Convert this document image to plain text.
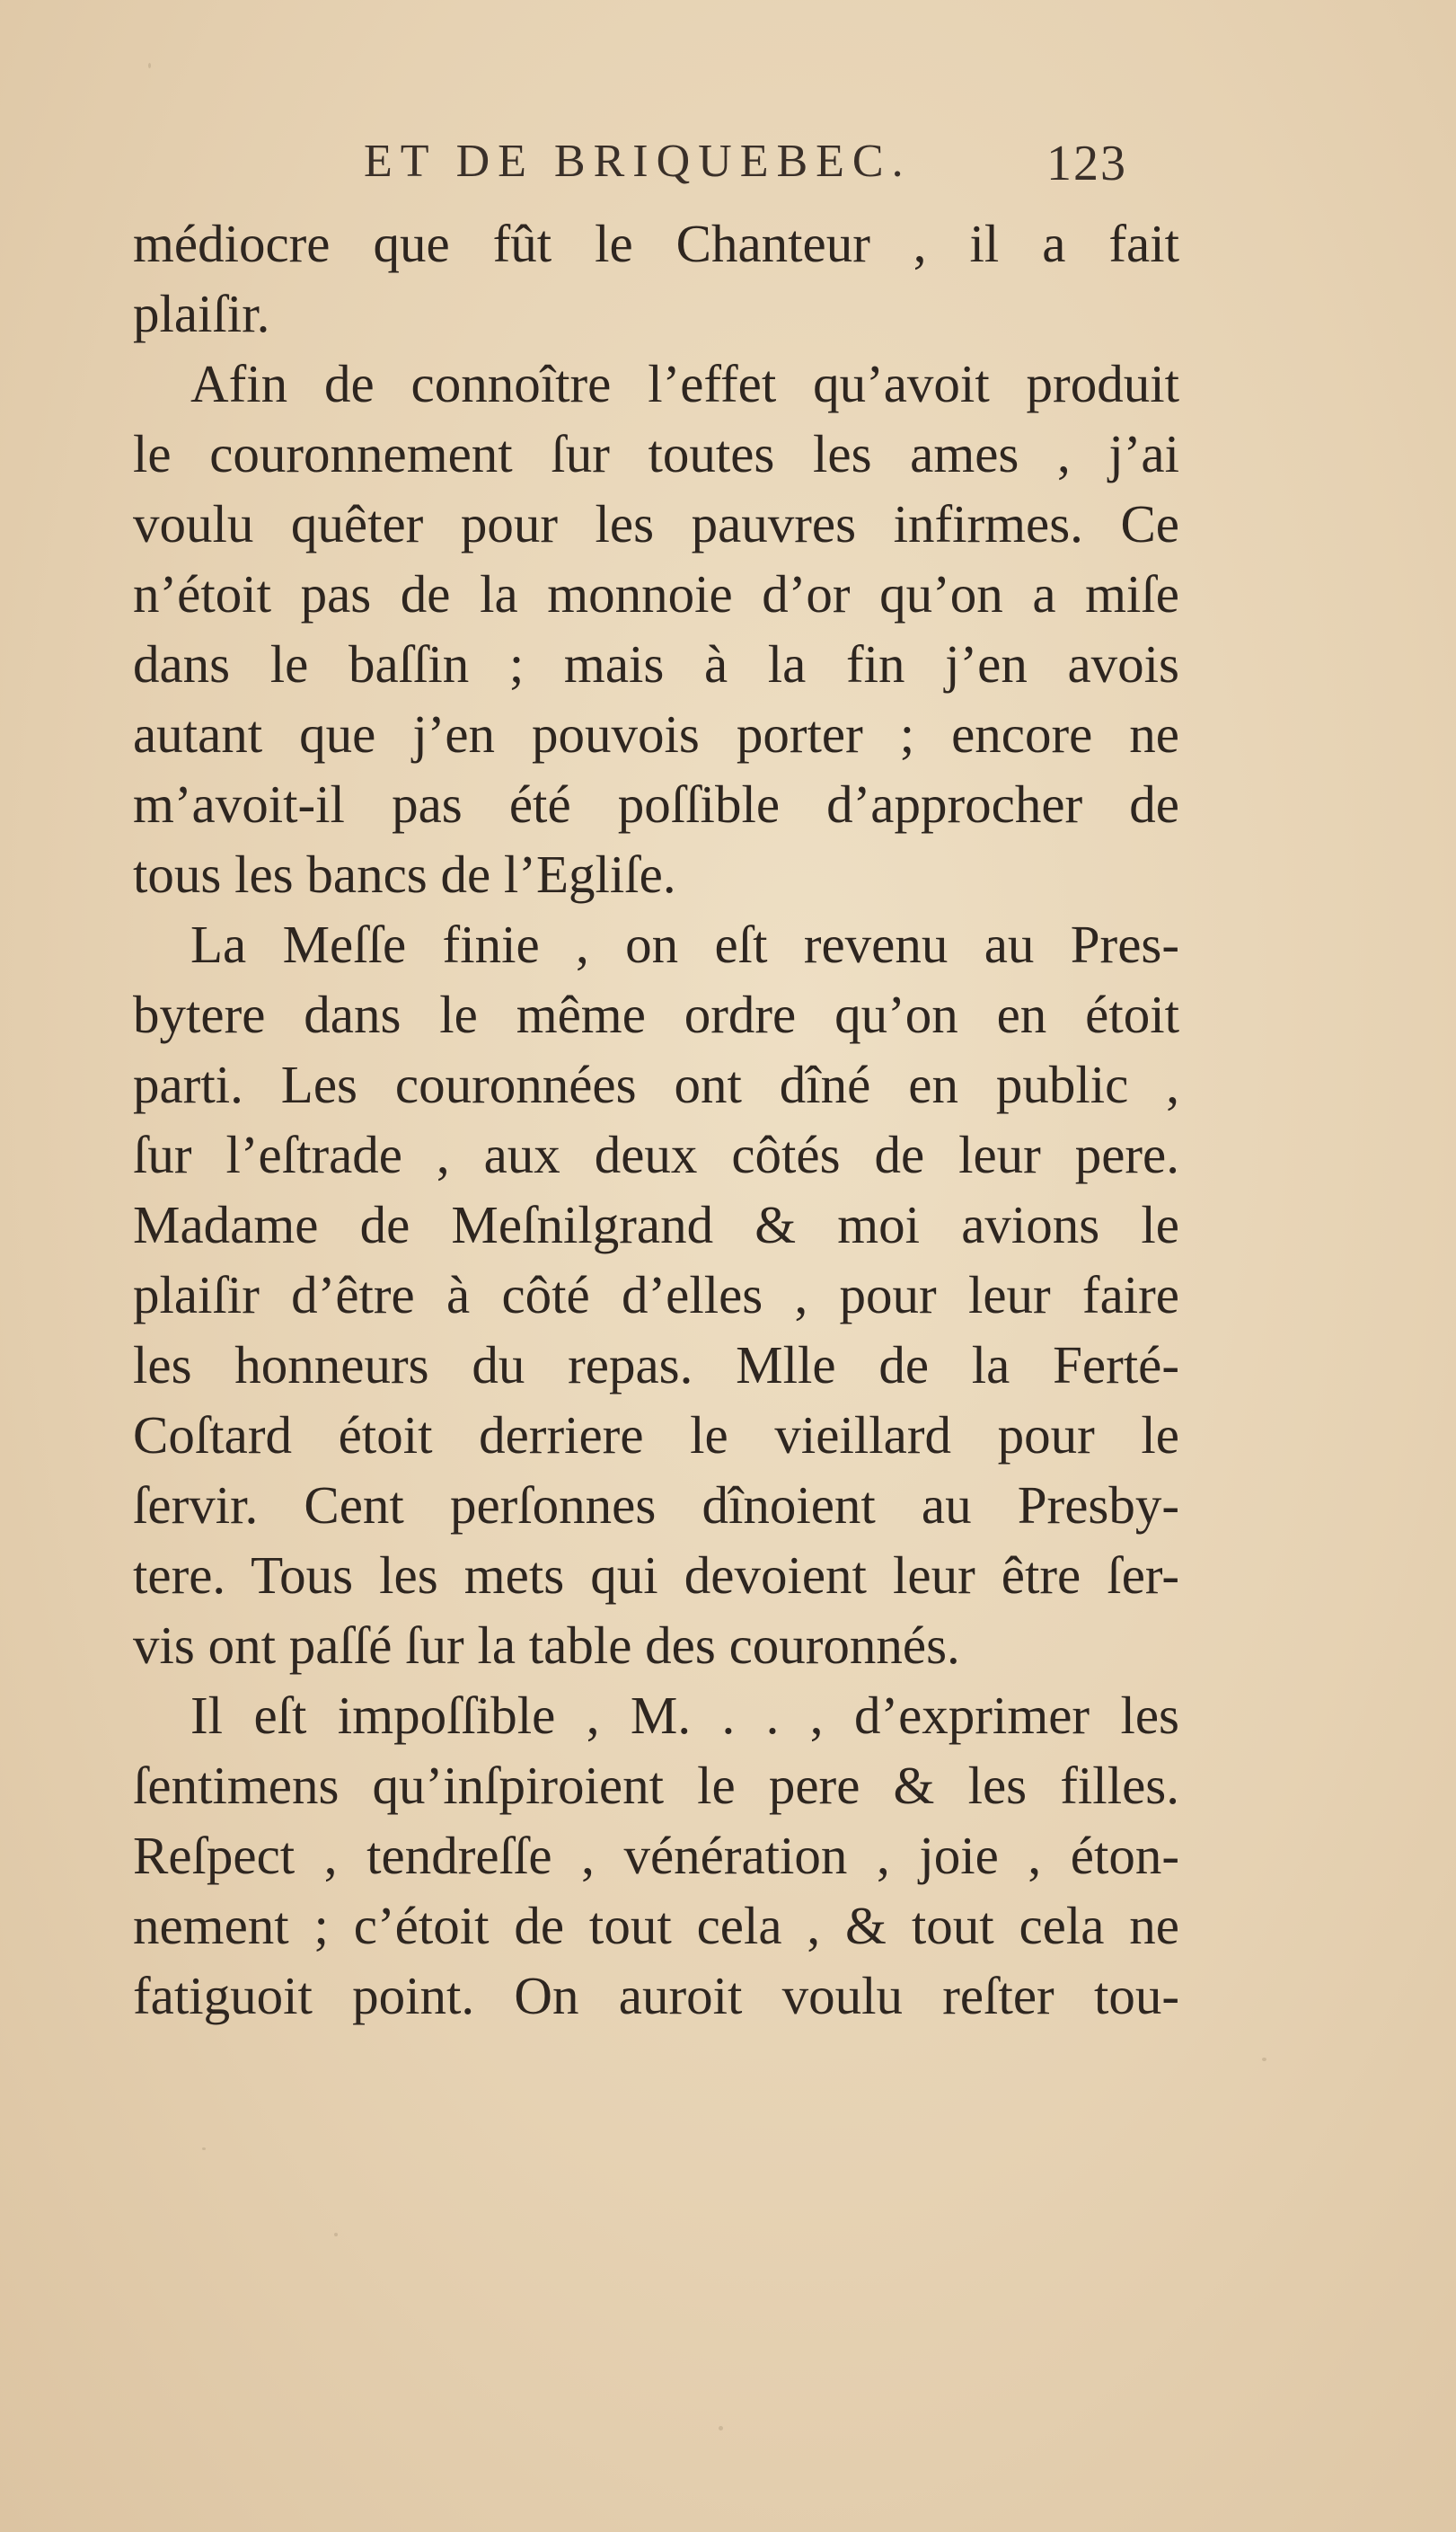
ET DE BRIQUEBEC.	123
médiocre que fût le Chanteur , il a fait
plaiſir.
Afin de connoître l’effet qu’avoit produit
le couronnement ſur toutes les ames , j’ai
voulu quêter pour les pauvres infirmes. Ce
n’étoit pas de la monnoie d’or qu’on a miſe
dans le baſſin ; mais à la fin j’en avois
autant que j’en pouvois porter ; encore ne
m’avoit-il pas été poſſible d’approcher de
tous les bancs de l’Egliſe.
La Meſſe finie , on eſt revenu au Pres-
bytere dans le même ordre qu’on en étoit
parti. Les couronnées ont dîné en public ,
ſur l’eſtrade , aux deux côtés de leur pere.
Madame de Meſnilgrand & moi avions le
plaiſir d’être à côté d’elles , pour leur faire
les honneurs du repas. Mlle de la Ferté-
Coſtard étoit derriere le vieillard pour le
ſervir. Cent perſonnes dînoient au Presby-
tere. Tous les mets qui devoient leur être ſer-
vis ont paſſé ſur la table des couronnés.
Il eſt impoſſible , M. . . , d’exprimer les
ſentimens qu’inſpiroient le pere & les filles.
Reſpect , tendreſſe , vénération , joie , éton-
nement ; c’étoit de tout cela , & tout cela ne
fatiguoit point. On auroit voulu reſter tou-
